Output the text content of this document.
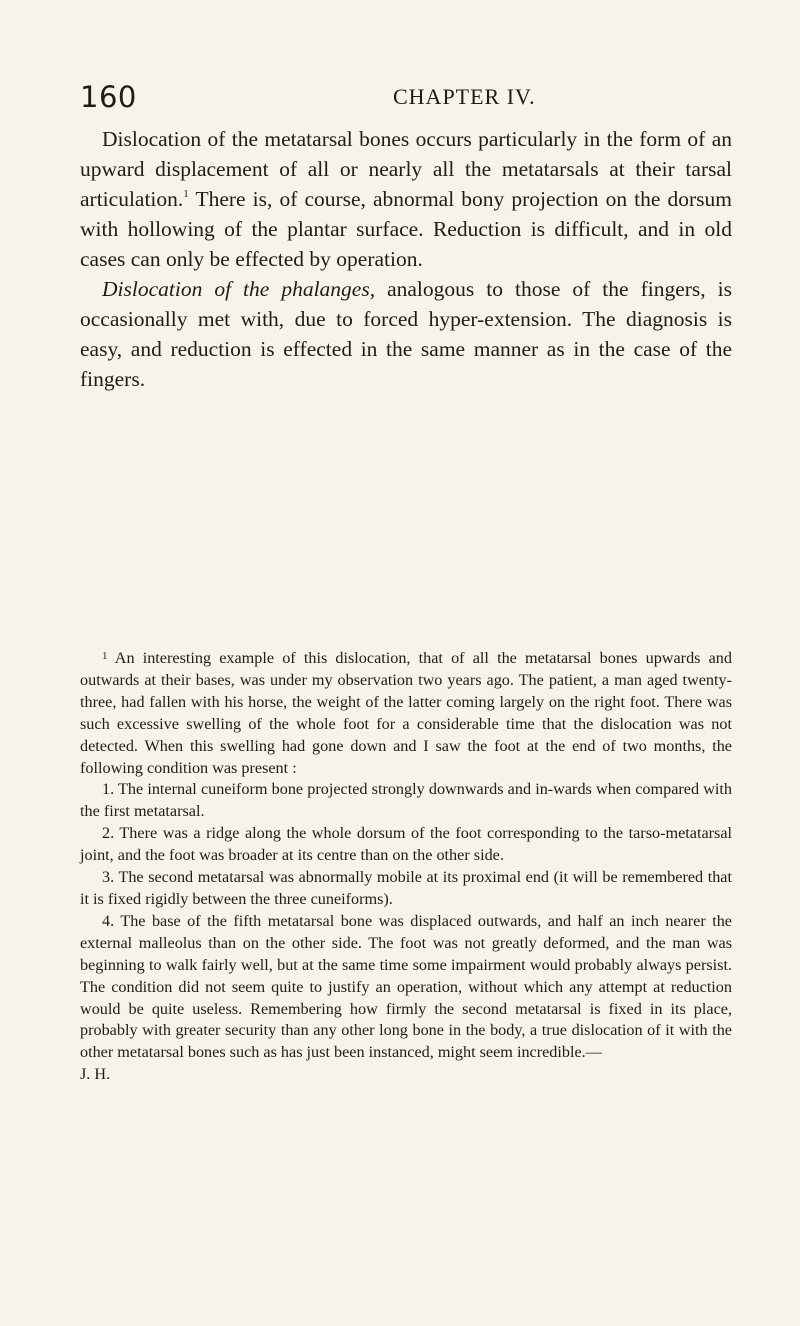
160	CHAPTER IV.

Dislocation of the metatarsal bones occurs particularly in the form of an upward displacement of all or nearly all the metatarsals at their tarsal articulation.$^1$ There is, of course, abnormal bony projection on the dorsum with hollowing of the plantar surface. Reduction is difficult, and in old cases can only be effected by operation.

Dislocation of the phalanges, analogous to those of the fingers, is occasionally met with, due to forced hyper-extension. The diagnosis is easy, and reduction is effected in the same manner as in the case of the fingers.

$^1$ An interesting example of this dislocation, that of all the metatarsal bones upwards and outwards at their bases, was under my observation two years ago. The patient, a man aged twenty-three, had fallen with his horse, the weight of the latter coming largely on the right foot. There was such excessive swelling of the whole foot for a considerable time that the dislocation was not detected. When this swelling had gone down and I saw the foot at the end of two months, the following condition was present :

1. The internal cuneiform bone projected strongly downwards and in-wards when compared with the first metatarsal.

2. There was a ridge along the whole dorsum of the foot corresponding to the tarso-metatarsal joint, and the foot was broader at its centre than on the other side.

3. The second metatarsal was abnormally mobile at its proximal end (it will be remembered that it is fixed rigidly between the three cuneiforms).

4. The base of the fifth metatarsal bone was displaced outwards, and half an inch nearer the external malleolus than on the other side. The foot was not greatly deformed, and the man was beginning to walk fairly well, but at the same time some impairment would probably always persist. The condition did not seem quite to justify an operation, without which any attempt at reduction would be quite useless. Remembering how firmly the second metatarsal is fixed in its place, probably with greater security than any other long bone in the body, a true dislocation of it with the other metatarsal bones such as has just been instanced, might seem incredible.—

J. H.
